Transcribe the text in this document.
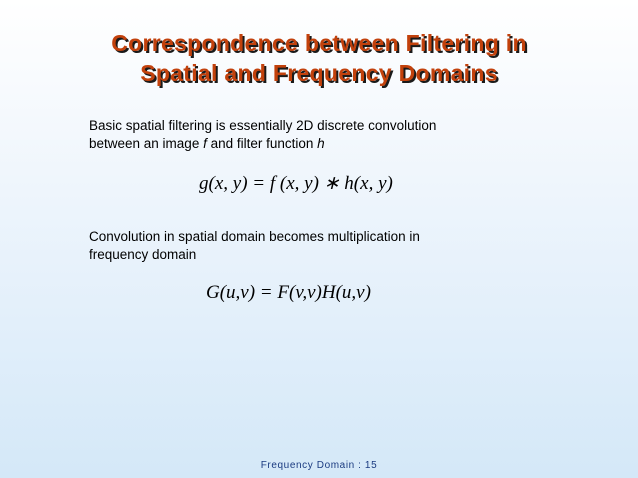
Correspondence between Filtering in
Spatial and Frequency Domains
Basic spatial filtering is essentially 2D discrete convolution
between an image f and filter function h
g(x, y) = f (x, y) ∗ h(x, y)
Convolution in spatial domain becomes multiplication in
frequency domain
G(u,v) = F(v,v)H(u,v)
Frequency Domain : 15
